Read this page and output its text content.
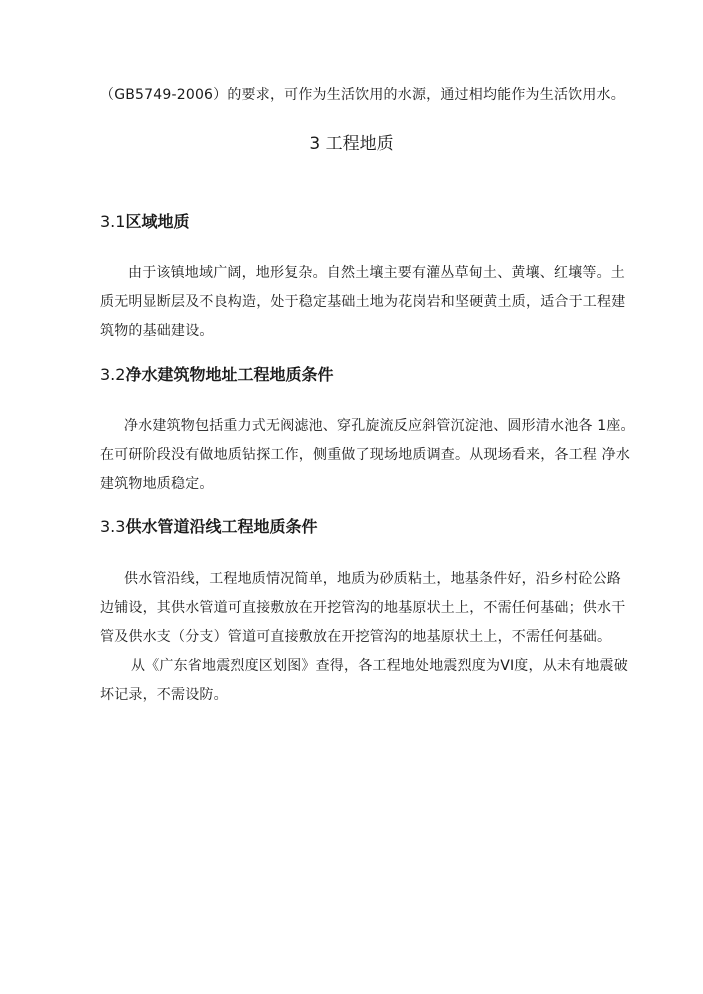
（GB5749-2006）的要求，可作为生活饮用的水源，通过相均能作为生活饮用水。
3 工程地质
3.1区域地质
由于该镇地域广阔，地形复杂。自然土壤主要有灌丛草甸土、黄壤、红壤等。土
质无明显断层及不良构造，处于稳定基础土地为花岗岩和坚硬黄土质，适合于工程建
筑物的基础建设。
3.2净水建筑物地址工程地质条件
净水建筑物包括重力式无阀滤池、穿孔旋流反应斜管沉淀池、圆形清水池各 1座。
在可研阶段没有做地质钻探工作，侧重做了现场地质调查。从现场看来，各工程 净水
建筑物地质稳定。
3.3供水管道沿线工程地质条件
供水管沿线，工程地质情况简单，地质为砂质粘土，地基条件好，沿乡村砼公路
边铺设，其供水管道可直接敷放在开挖管沟的地基原状土上，不需任何基础；供水干
管及供水支（分支）管道可直接敷放在开挖管沟的地基原状土上，不需任何基础。
从《广东省地震烈度区划图》查得，各工程地处地震烈度为VI度，从未有地震破
坏记录，不需设防。
